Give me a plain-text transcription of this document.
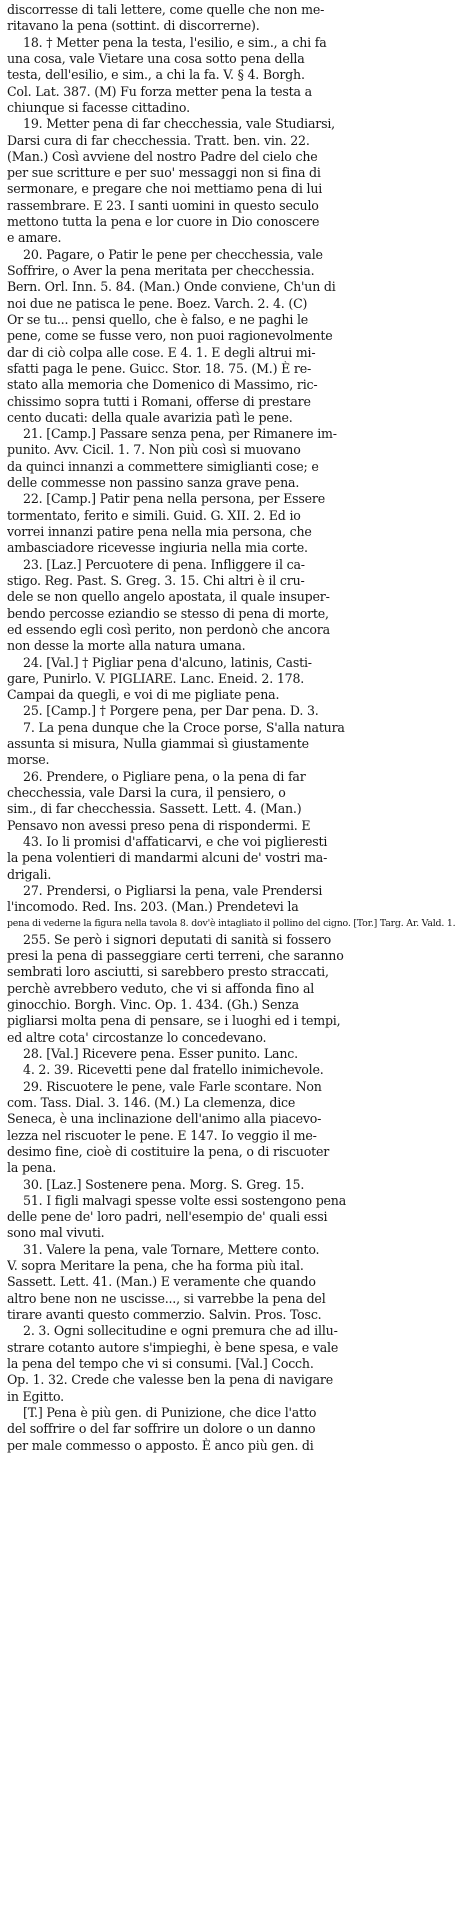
discorresse di tali lettere, come quelle che non me-
ritavano la pena (sottint. di discorrerne).
18. † Metter pena la testa, l'esilio, e sim., a chi fa
una cosa, vale Vietare una cosa sotto pena della
testa, dell'esilio, e sim., a chi la fa. V. § 4. Borgh.
Col. Lat. 387. (M) Fu forza metter pena la testa a
chiunque si facesse cittadino.
19. Metter pena di far checchessia, vale Studiarsi,
Darsi cura di far checchessia. Tratt. ben. vin. 22.
(Man.) Così avviene del nostro Padre del cielo che
per sue scritture e per suo' messaggi non si fina di
sermonare, e pregare che noi mettiamo pena di lui
rassembrare. E 23. I santi uomini in questo seculo
mettono tutta la pena e lor cuore in Dio conoscere
e amare.
20. Pagare, o Patir le pene per checchessia, vale
Soffrire, o Aver la pena meritata per checchessia.
Bern. Orl. Inn. 5. 84. (Man.) Onde conviene, Ch'un di
noi due ne patisca le pene. Boez. Varch. 2. 4. (C)
Or se tu... pensi quello, che è falso, e ne paghi le
pene, come se fusse vero, non puoi ragionevolmente
dar di ciò colpa alle cose. E 4. 1. E degli altrui mi-
sfatti paga le pene. Guicc. Stor. 18. 75. (M.) È re-
stato alla memoria che Domenico di Massimo, ric-
chissimo sopra tutti i Romani, offerse di prestare
cento ducati: della quale avarizia patì le pene.
21. [Camp.] Passare senza pena, per Rimanere im-
punito. Avv. Cicil. 1. 7. Non più così si muovano
da quinci innanzi a commettere simiglianti cose; e
delle commesse non passino sanza grave pena.
22. [Camp.] Patir pena nella persona, per Essere
tormentato, ferito e simili. Guid. G. XII. 2. Ed io
vorrei innanzi patire pena nella mia persona, che
ambasciadore ricevesse ingiuria nella mia corte.
23. [Laz.] Percuotere di pena. Infliggere il ca-
stigo. Reg. Past. S. Greg. 3. 15. Chi altri è il cru-
dele se non quello angelo apostata, il quale insuper-
bendo percosse eziandio se stesso di pena di morte,
ed essendo egli così perito, non perdonò che ancora
non desse la morte alla natura umana.
24. [Val.] † Pigliar pena d'alcuno, latinis, Casti-
gare, Punirlo. V. PIGLIARE. Lanc. Eneid. 2. 178.
Campai da quegli, e voi di me pigliate pena.
25. [Camp.] † Porgere pena, per Dar pena. D. 3.
7. La pena dunque che la Croce porse, S'alla natura
assunta si misura, Nulla giammai sì giustamente
morse.
26. Prendere, o Pigliare pena, o la pena di far
checchessia, vale Darsi la cura, il pensiero, o
sim., di far checchessia. Sassett. Lett. 4. (Man.)
Pensavo non avessi preso pena di rispondermi. E
43. Io li promisi d'affaticarvi, e che voi piglieresti
la pena volentieri di mandarmi alcuni de' vostri ma-
drigali.
27. Prendersi, o Pigliarsi la pena, vale Prendersi
l'incomodo. Red. Ins. 203. (Man.) Prendetevi la
pena di vederne la figura nella tavola 8. dov'è intagliato il pollino del cigno. [Tor.] Targ. Ar. Vald. 1.
255. Se però i signori deputati di sanità si fossero
presi la pena di passeggiare certi terreni, che saranno
sembrati loro asciutti, si sarebbero presto straccati,
perchè avrebbero veduto, che vi si affonda fino al
ginocchio. Borgh. Vinc. Op. 1. 434. (Gh.) Senza
pigliarsi molta pena di pensare, se i luoghi ed i tempi,
ed altre cota' circostanze lo concedevano.
28. [Val.] Ricevere pena. Esser punito. Lanc.
4. 2. 39. Ricevetti pene dal fratello inimichevole.
29. Riscuotere le pene, vale Farle scontare. Non
com. Tass. Dial. 3. 146. (M.) La clemenza, dice
Seneca, è una inclinazione dell'animo alla piacevo-
lezza nel riscuoter le pene. E 147. Io veggio il me-
desimo fine, cioè di costituire la pena, o di riscuoter
la pena.
30. [Laz.] Sostenere pena. Morg. S. Greg. 15.
51. I figli malvagi spesse volte essi sostengono pena
delle pene de' loro padri, nell'esempio de' quali essi
sono mal vivuti.
31. Valere la pena, vale Tornare, Mettere conto.
V. sopra Meritare la pena, che ha forma più ital.
Sassett. Lett. 41. (Man.) E veramente che quando
altro bene non ne uscisse..., si varrebbe la pena del
tirare avanti questo commerzio. Salvin. Pros. Tosc.
2. 3. Ogni sollecitudine e ogni premura che ad illu-
strare cotanto autore s'impieghi, è bene spesa, e vale
la pena del tempo che vi si consumi. [Val.] Cocch.
Op. 1. 32. Crede che valesse ben la pena di navigare
in Egitto.
[T.] Pena è più gen. di Punizione, che dice l'atto
del soffrire o del far soffrire un dolore o un danno
per male commesso o apposto. È anco più gen. di
